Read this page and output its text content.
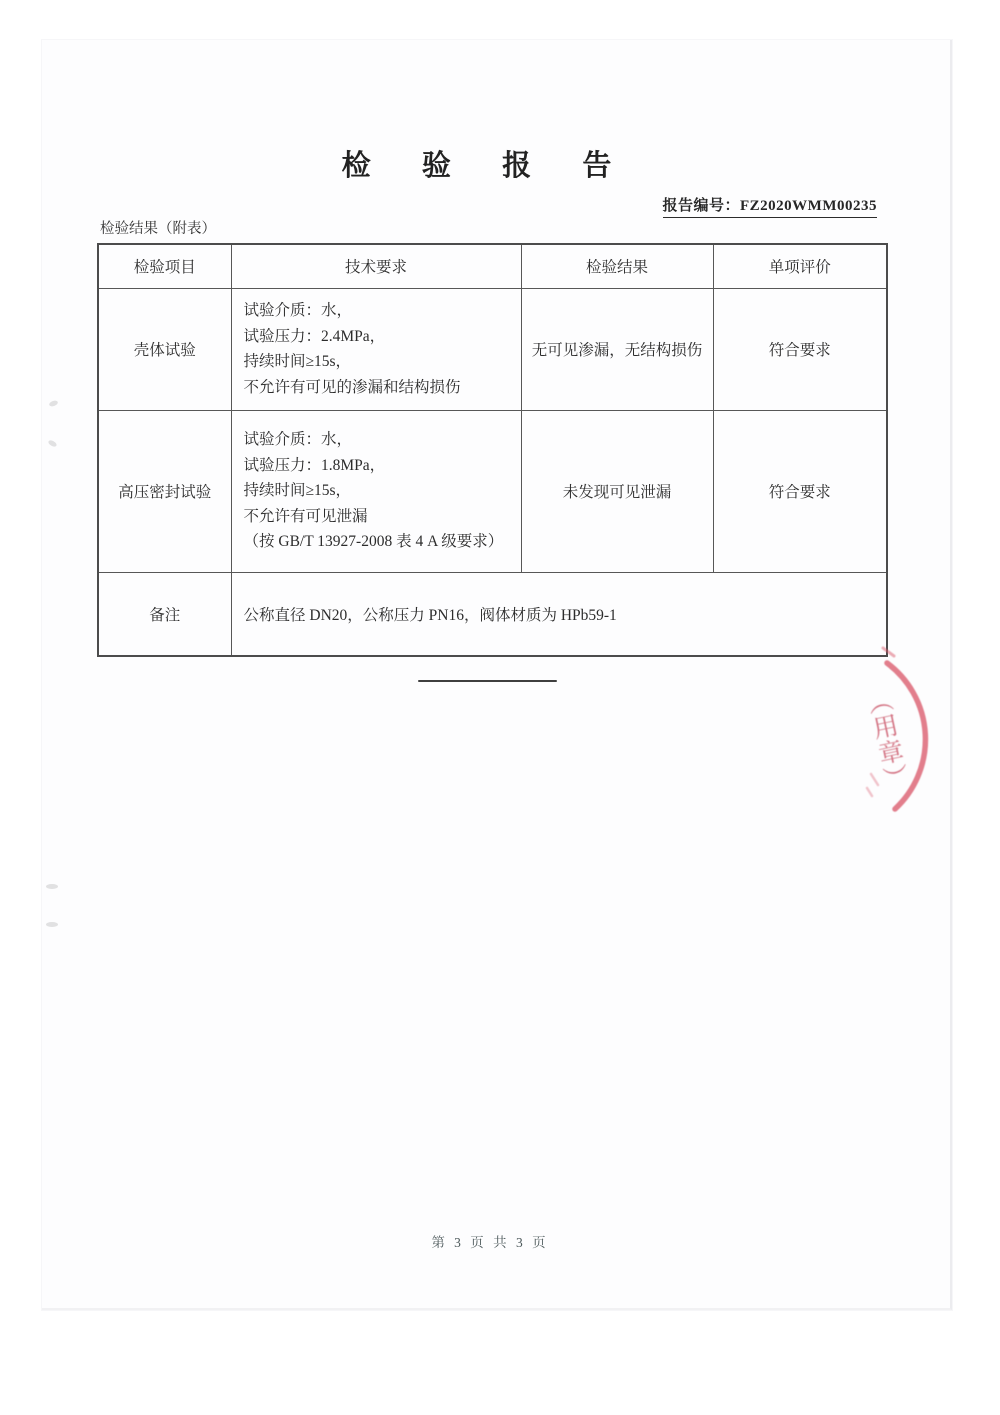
检 验 报 告
报告编号：FZ2020WMM00235
检验结果（附表）
检验项目	技术要求	检验结果	单项评价
壳体试验	试验介质：水，
试验压力：2.4MPa，
持续时间≥15s，
不允许有可见的渗漏和结构损伤	无可见渗漏，无结构损伤	符合要求
高压密封试验	试验介质：水，
试验压力：1.8MPa，
持续时间≥15s，
不允许有可见泄漏
（按 GB/T 13927-2008 表 4 A 级要求）	未发现可见泄漏	符合要求
备注	公称直径 DN20，公称压力 PN16，阀体材质为 HPb59-1		
（用章）
第 3 页 共 3 页
